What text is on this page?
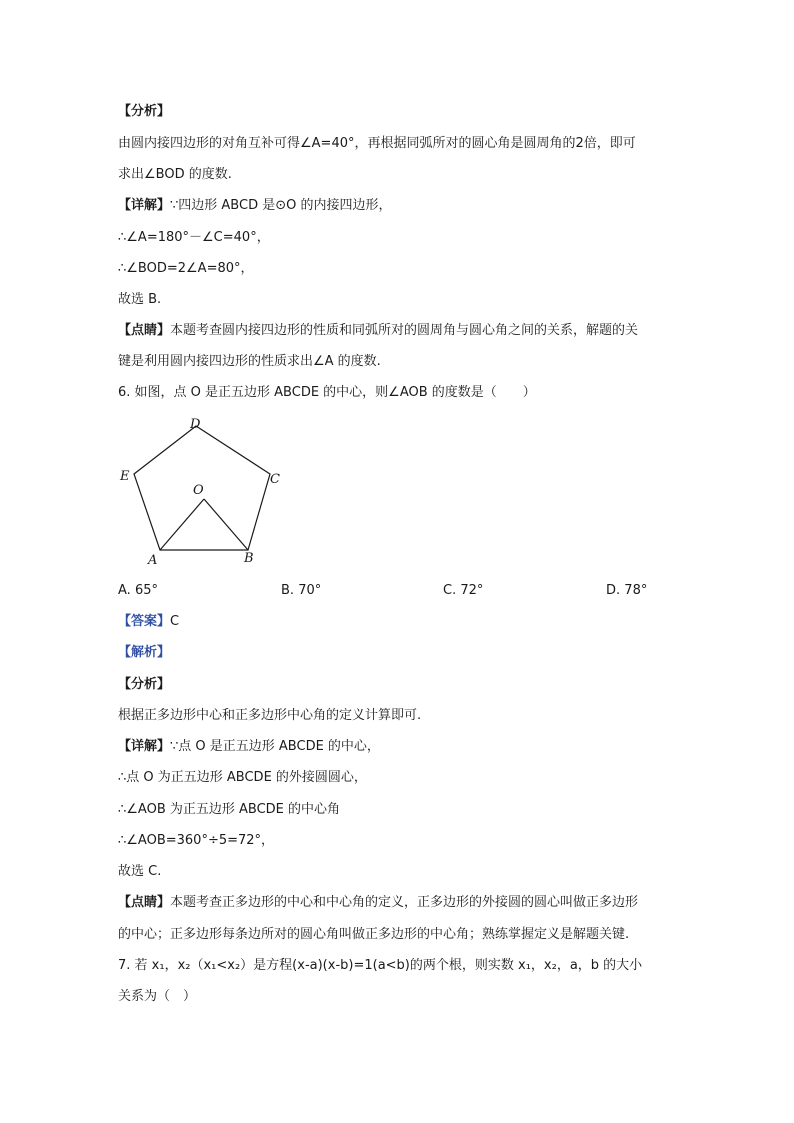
【分析】
由圆内接四边形的对角互补可得∠A=40°，再根据同弧所对的圆心角是圆周角的2倍，即可
求出∠BOD 的度数.
【详解】∵四边形 ABCD 是⊙O 的内接四边形，
∴∠A=180°－∠C=40°，
∴∠BOD=2∠A=80°，
故选 B.
【点睛】本题考查圆内接四边形的性质和同弧所对的圆周角与圆心角之间的关系，解题的关
键是利用圆内接四边形的性质求出∠A 的度数.
6. 如图，点 O 是正五边形 ABCDE 的中心，则∠AOB 的度数是（　　）
D
E	C
O
A	B
A. 65°	B. 70°	C. 72°	D. 78°
【答案】C
【解析】
【分析】
根据正多边形中心和正多边形中心角的定义计算即可.
【详解】∵点 O 是正五边形 ABCDE 的中心，
∴点 O 为正五边形 ABCDE 的外接圆圆心，
∴∠AOB 为正五边形 ABCDE 的中心角
∴∠AOB=360°÷5=72°，
故选 C.
【点睛】本题考查正多边形的中心和中心角的定义，正多边形的外接圆的圆心叫做正多边形
的中心；正多边形每条边所对的圆心角叫做正多边形的中心角；熟练掌握定义是解题关键.
7. 若 x₁，x₂（x₁<x₂）是方程(x-a)(x-b)=1(a<b)的两个根，则实数 x₁，x₂，a，b 的大小
关系为（　）
